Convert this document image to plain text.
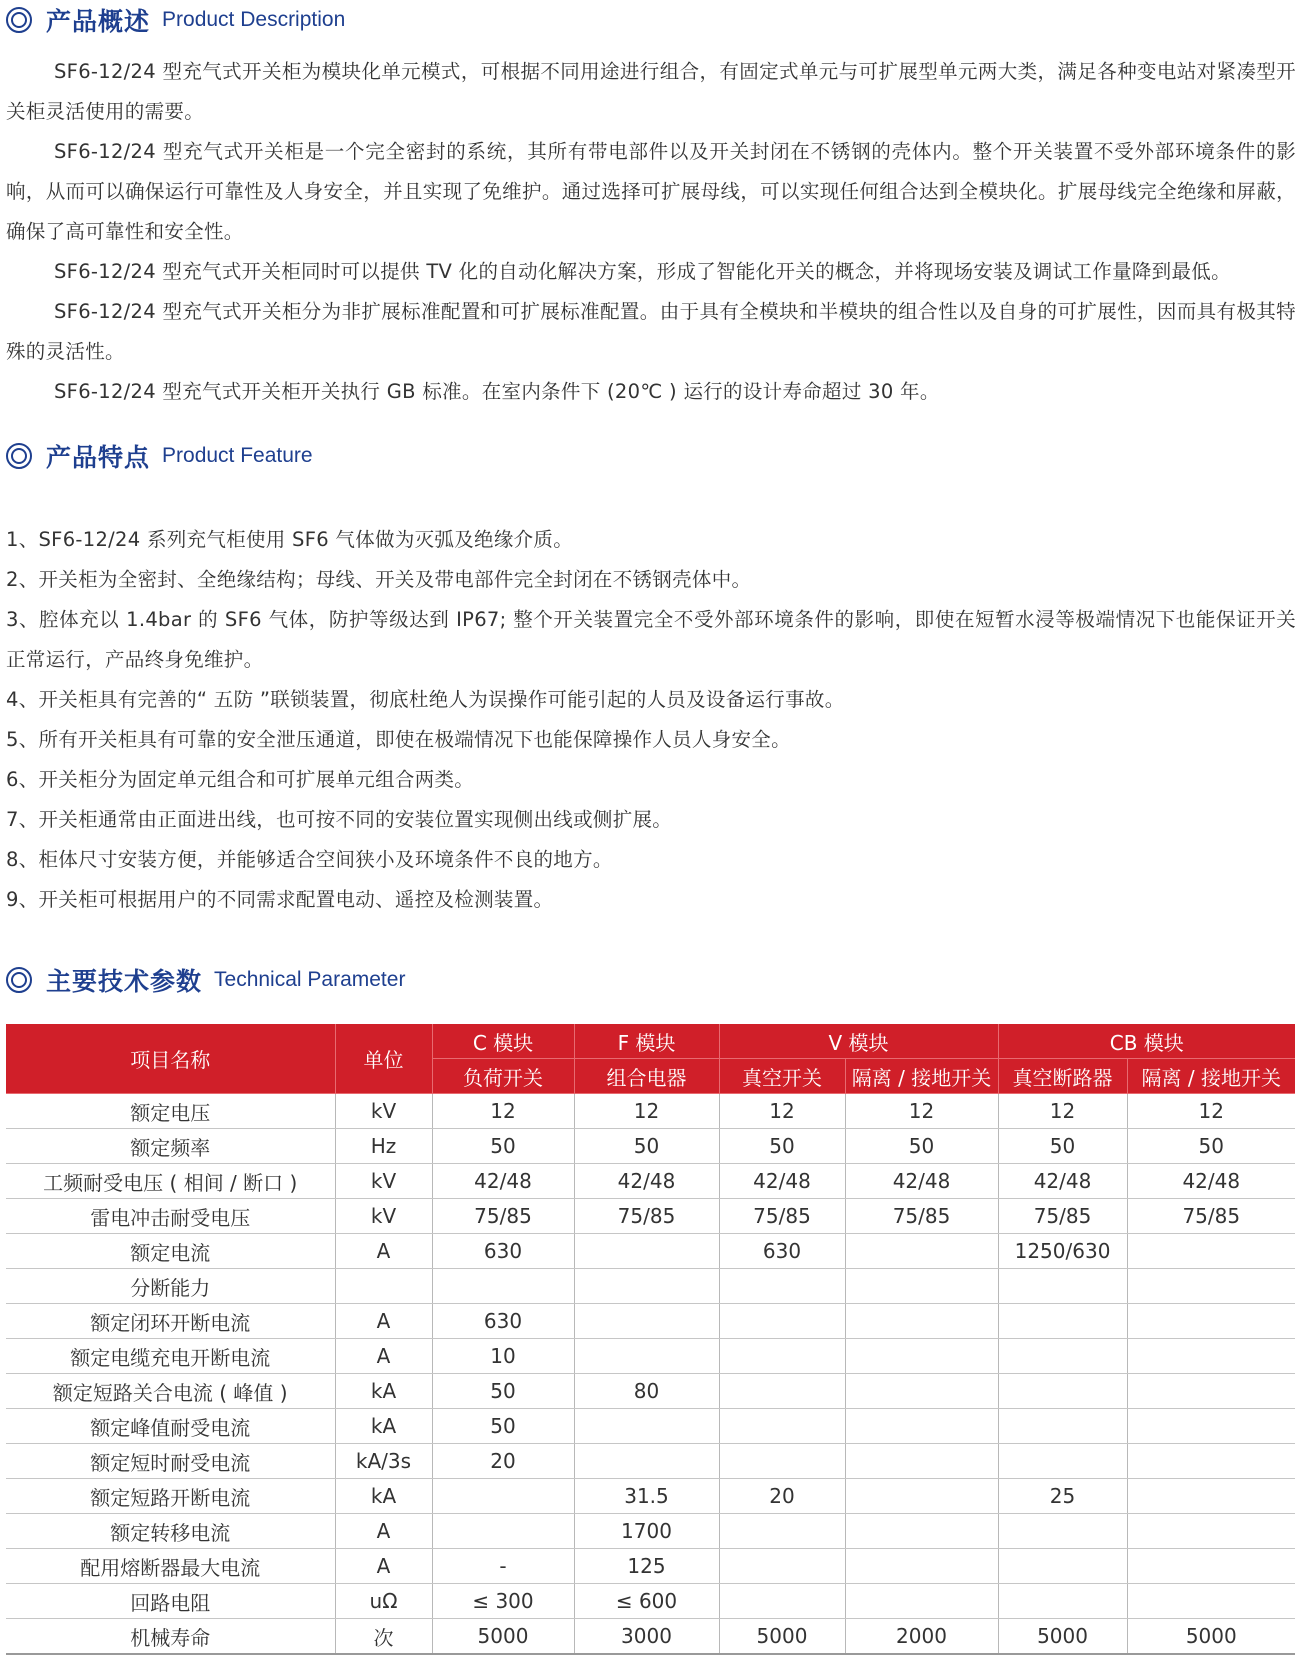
产品概述 Product Description

SF6-12/24 型充气式开关柜为模块化单元模式，可根据不同用途进行组合，有固定式单元与可扩展型单元两大类，满足各种变电站对紧凑型开关柜灵活使用的需要。

SF6-12/24 型充气式开关柜是一个完全密封的系统，其所有带电部件以及开关封闭在不锈钢的壳体内。整个开关装置不受外部环境条件的影响，从而可以确保运行可靠性及人身安全，并且实现了免维护。通过选择可扩展母线，可以实现任何组合达到全模块化。扩展母线完全绝缘和屏蔽，确保了高可靠性和安全性。

SF6-12/24 型充气式开关柜同时可以提供 TV 化的自动化解决方案，形成了智能化开关的概念，并将现场安装及调试工作量降到最低。

SF6-12/24 型充气式开关柜分为非扩展标准配置和可扩展标准配置。由于具有全模块和半模块的组合性以及自身的可扩展性，因而具有极其特殊的灵活性。

SF6-12/24 型充气式开关柜开关执行 GB 标准。在室内条件下 (20℃ ) 运行的设计寿命超过 30 年。

产品特点 Product Feature

1、SF6-12/24 系列充气柜使用 SF6 气体做为灭弧及绝缘介质。

2、开关柜为全密封、全绝缘结构；母线、开关及带电部件完全封闭在不锈钢壳体中。

3、腔体充以 1.4bar 的 SF6 气体，防护等级达到 IP67; 整个开关装置完全不受外部环境条件的影响，即使在短暂水浸等极端情况下也能保证开关正常运行，产品终身免维护。

4、开关柜具有完善的“ 五防 ”联锁装置，彻底杜绝人为误操作可能引起的人员及设备运行事故。

5、所有开关柜具有可靠的安全泄压通道，即使在极端情况下也能保障操作人员人身安全。

6、开关柜分为固定单元组合和可扩展单元组合两类。

7、开关柜通常由正面进出线，也可按不同的安装位置实现侧出线或侧扩展。

8、柜体尺寸安装方便，并能够适合空间狭小及环境条件不良的地方。

9、开关柜可根据用户的不同需求配置电动、遥控及检测装置。

主要技术参数 Technical Parameter
项目名称	单位	C 模块	F 模块	V 模块		CB 模块	
		负荷开关	组合电器	真空开关	隔离 / 接地开关	真空断路器	隔离 / 接地开关
额定电压	kV	12	12	12	12	12	12
额定频率	Hz	50	50	50	50	50	50
工频耐受电压 ( 相间 / 断口 )	kV	42/48	42/48	42/48	42/48	42/48	42/48
雷电冲击耐受电压	kV	75/85	75/85	75/85	75/85	75/85	75/85
额定电流	A	630		630		1250/630	
分断能力							
额定闭环开断电流	A	630					
额定电缆充电开断电流	A	10					
额定短路关合电流 ( 峰值 )	kA	50	80				
额定峰值耐受电流	kA	50					
额定短时耐受电流	kA/3s	20					
额定短路开断电流	kA		31.5	20		25	
额定转移电流	A		1700				
配用熔断器最大电流	A	-	125				
回路电阻	uΩ	≤ 300	≤ 600				
机械寿命	次	5000	3000	5000	2000	5000	5000
